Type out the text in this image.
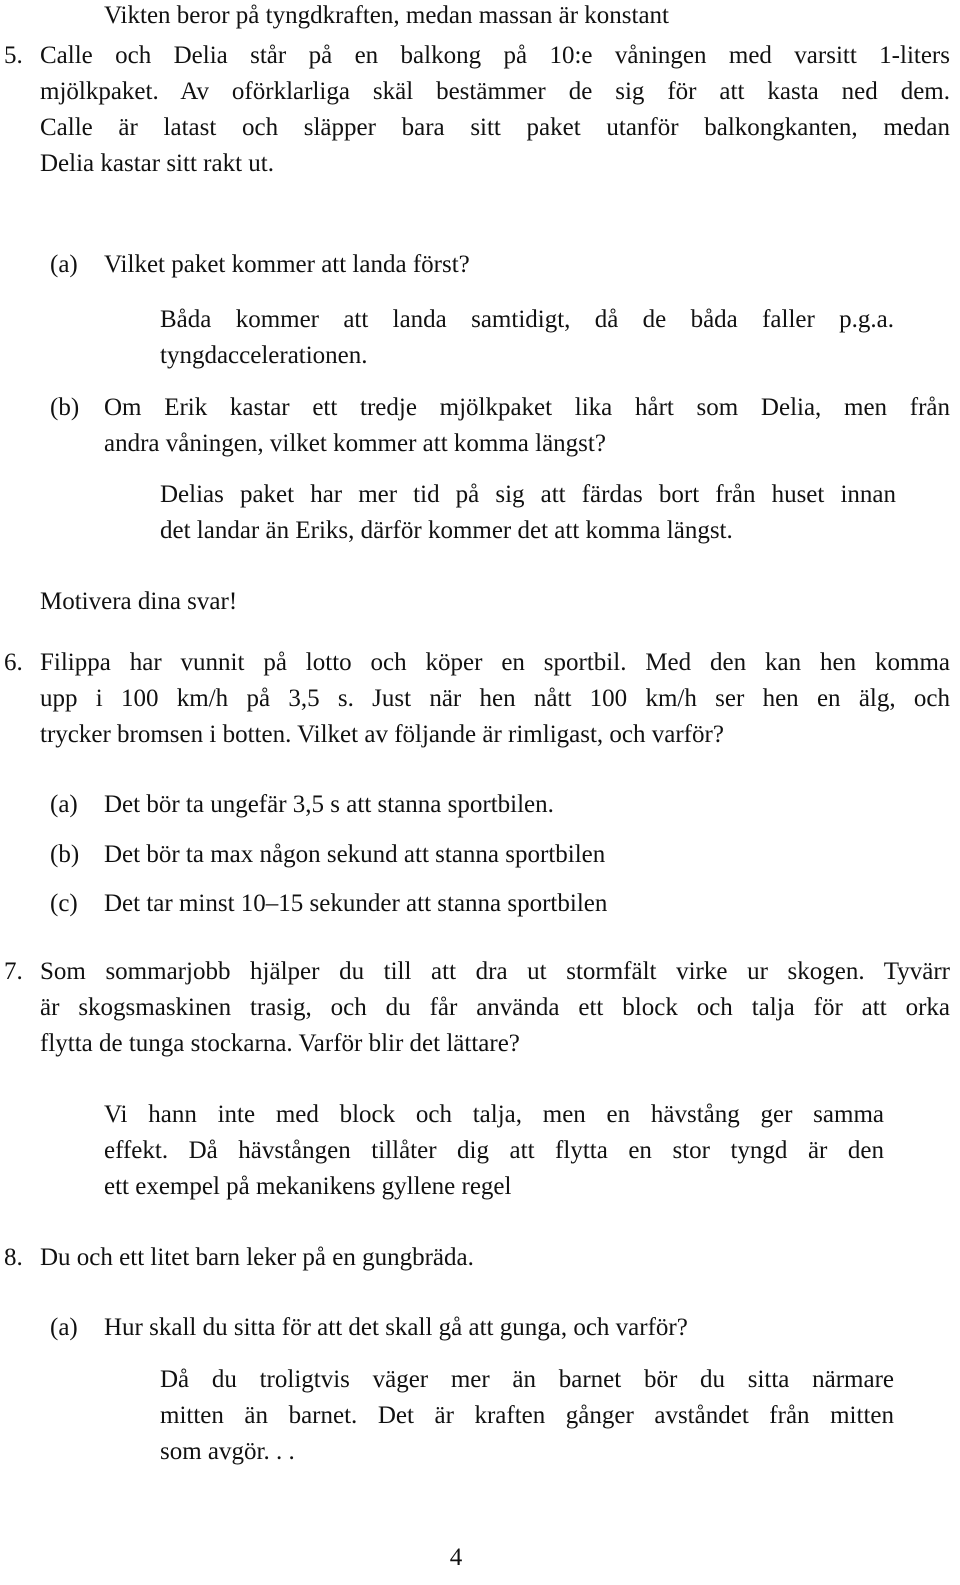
Vikten beror på tyngdkraften, medan massan är konstant
5. Calle och Delia står på en balkong på 10:e våningen med varsitt 1-liters
mjölkpaket. Av oförklarliga skäl bestämmer de sig för att kasta ned dem.
Calle är latast och släpper bara sitt paket utanför balkongkanten, medan
Delia kastar sitt rakt ut.
(a) Vilket paket kommer att landa först?
Båda kommer att landa samtidigt, då de båda faller p.g.a.
tyngdaccelerationen.
(b) Om Erik kastar ett tredje mjölkpaket lika hårt som Delia, men från
andra våningen, vilket kommer att komma längst?
Delias paket har mer tid på sig att färdas bort från huset innan
det landar än Eriks, därför kommer det att komma längst.
Motivera dina svar!
6. Filippa har vunnit på lotto och köper en sportbil. Med den kan hen komma
upp i 100 km/h på 3,5 s. Just när hen nått 100 km/h ser hen en älg, och
trycker bromsen i botten. Vilket av följande är rimligast, och varför?
(a) Det bör ta ungefär 3,5 s att stanna sportbilen.
(b) Det bör ta max någon sekund att stanna sportbilen
(c) Det tar minst 10–15 sekunder att stanna sportbilen
7. Som sommarjobb hjälper du till att dra ut stormfält virke ur skogen. Tyvärr
är skogsmaskinen trasig, och du får använda ett block och talja för att orka
flytta de tunga stockarna. Varför blir det lättare?
Vi hann inte med block och talja, men en hävstång ger samma
effekt. Då hävstången tillåter dig att flytta en stor tyngd är den
ett exempel på mekanikens gyllene regel
8. Du och ett litet barn leker på en gungbräda.
(a) Hur skall du sitta för att det skall gå att gunga, och varför?
Då du troligtvis väger mer än barnet bör du sitta närmare
mitten än barnet. Det är kraften gånger avståndet från mitten
som avgör. . .
4
